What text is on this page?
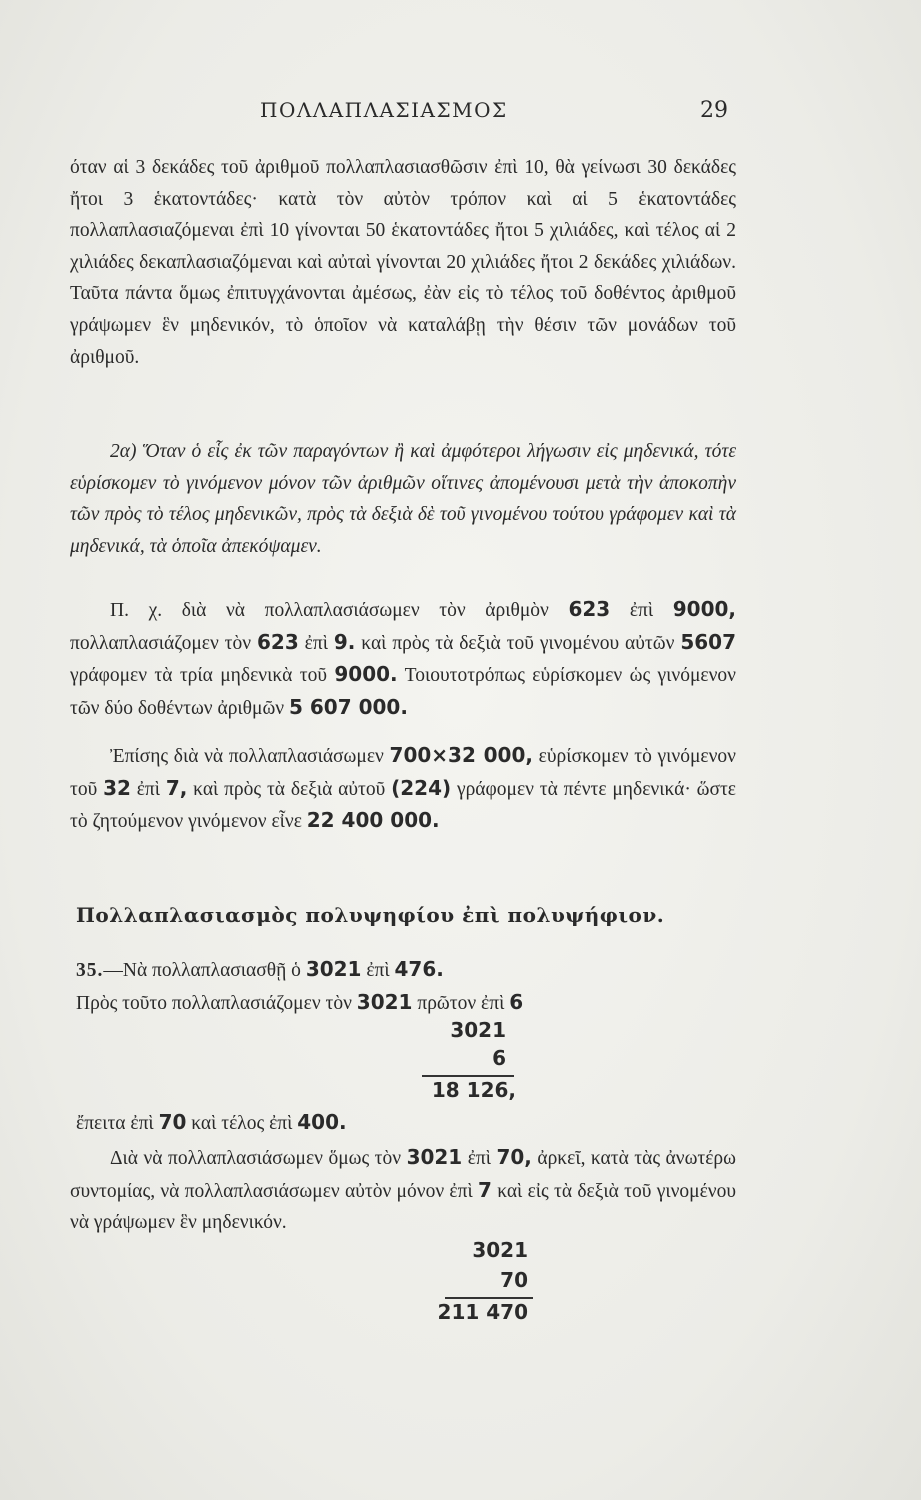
ΠΟΛΛΑΠΛΑΣΙΑΣΜΟΣ	29

όταν αἱ 3 δεκάδες τοῦ ἀριθμοῦ πολλαπλασιασθῶσιν ἐπὶ 10, θὰ γείνωσι 30 δεκάδες ἤτοι 3 ἑκατοντάδες· κατὰ τὸν αὐτὸν τρόπον καὶ αἱ 5 ἑκατοντάδες πολλαπλασιαζόμεναι ἐπὶ 10 γίνονται 50 ἑκατοντάδες ἤτοι 5 χιλιάδες, καὶ τέλος αἱ 2 χιλιάδες δεκαπλασιαζόμεναι καὶ αὐταὶ γίνονται 20 χιλιάδες ἤτοι 2 δεκάδες χιλιάδων. Ταῦτα πάντα ὅμως ἐπιτυγχάνονται ἀμέσως, ἐὰν εἰς τὸ τέλος τοῦ δοθέντος ἀριθμοῦ γράψωμεν ἓν μηδενικόν, τὸ ὁποῖον νὰ καταλάβῃ τὴν θέσιν τῶν μονάδων τοῦ ἀριθμοῦ.

2α) Ὅταν ὁ εἷς ἐκ τῶν παραγόντων ἢ καὶ ἀμφότεροι λήγωσιν εἰς μηδενικά, τότε εὑρίσκομεν τὸ γινόμενον μόνον τῶν ἀριθμῶν οἵτινες ἀπομένουσι μετὰ τὴν ἀποκοπὴν τῶν πρὸς τὸ τέλος μηδενικῶν, πρὸς τὰ δεξιὰ δὲ τοῦ γινομένου τούτου γράφομεν καὶ τὰ μηδενικά, τὰ ὁποῖα ἀπεκόψαμεν.

Π. χ. διὰ νὰ πολλαπλασιάσωμεν τὸν ἀριθμὸν 623 ἐπὶ 9000, πολλαπλασιάζομεν τὸν 623 ἐπὶ 9. καὶ πρὸς τὰ δεξιὰ τοῦ γινομένου αὐτῶν 5607 γράφομεν τὰ τρία μηδενικὰ τοῦ 9000. Τοιουτοτρόπως εὑρίσκομεν ὡς γινόμενον τῶν δύο δοθέντων ἀριθμῶν 5 607 000.

Ἐπίσης διὰ νὰ πολλαπλασιάσωμεν 700×32 000, εὑρίσκομεν τὸ γινόμενον τοῦ 32 ἐπὶ 7, καὶ πρὸς τὰ δεξιὰ αὐτοῦ (224) γράφομεν τὰ πέντε μηδενικά· ὥστε τὸ ζητούμενον γινόμενον εἶνε 22 400 000.

Πολλαπλασιασμὸς πολυψηφίου ἐπὶ πολυψήφιον.
35.—Νὰ πολλαπλασιασθῇ ὁ 3021 ἐπὶ 476.
Πρὸς τοῦτο πολλαπλασιάζομεν τὸν 3021 πρῶτον ἐπὶ 6
3021
6
18 126,
ἔπειτα ἐπὶ 70 καὶ τέλος ἐπὶ 400.

Διὰ νὰ πολλαπλασιάσωμεν ὅμως τὸν 3021 ἐπὶ 70, ἀρκεῖ, κατὰ τὰς ἀνωτέρω συντομίας, νὰ πολλαπλασιάσωμεν αὐτὸν μόνον ἐπὶ 7 καὶ εἰς τὰ δεξιὰ τοῦ γινομένου νὰ γράψωμεν ἓν μηδενικόν.

3021
70
211 470
